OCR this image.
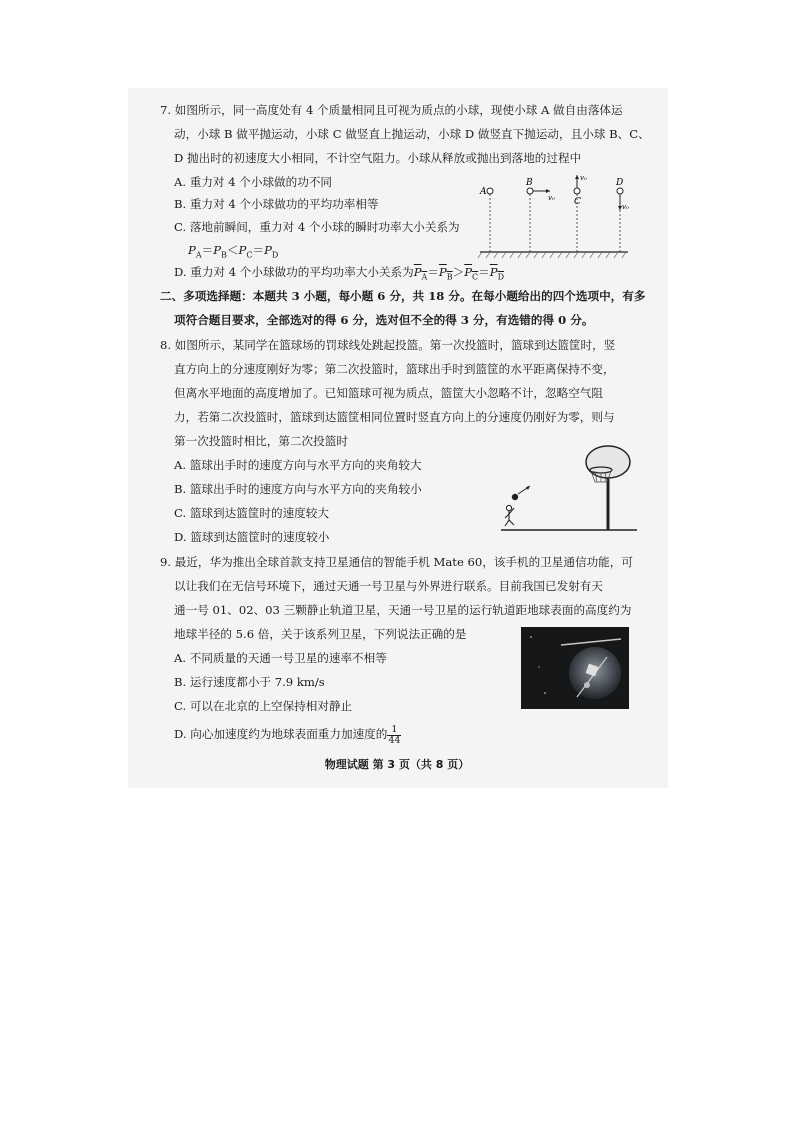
7. 如图所示，同一高度处有 4 个质量相同且可视为质点的小球，现使小球 A 做自由落体运
动，小球 B 做平抛运动，小球 C 做竖直上抛运动，小球 D 做竖直下抛运动，且小球 B、C、
D 抛出时的初速度大小相同，不计空气阻力。小球从释放或抛出到落地的过程中
A. 重力对 4 个小球做的功不同
B. 重力对 4 个小球做功的平均功率相等
C. 落地前瞬间，重力对 4 个小球的瞬时功率大小关系为
$P_A=P_B<P_C=P_D$
D. 重力对 4 个小球做功的平均功率大小关系为$P_A=P_B>P_C=P_D$
A
B
v₀
v₀
C
D
v₀
二、多项选择题：本题共 3 小题，每小题 6 分，共 18 分。在每小题给出的四个选项中，有多
项符合题目要求，全部选对的得 6 分，选对但不全的得 3 分，有选错的得 0 分。
8. 如图所示，某同学在篮球场的罚球线处跳起投篮。第一次投篮时，篮球到达篮筐时，竖
直方向上的分速度刚好为零；第二次投篮时，篮球出手时到篮筐的水平距离保持不变，
但离水平地面的高度增加了。已知篮球可视为质点，篮筐大小忽略不计，忽略空气阻
力，若第二次投篮时，篮球到达篮筐相同位置时竖直方向上的分速度仍刚好为零，则与
第一次投篮时相比，第二次投篮时
A. 篮球出手时的速度方向与水平方向的夹角较大
B. 篮球出手时的速度方向与水平方向的夹角较小
C. 篮球到达篮筐时的速度较大
D. 篮球到达篮筐时的速度较小
9. 最近，华为推出全球首款支持卫星通信的智能手机 Mate 60，该手机的卫星通信功能，可
以让我们在无信号环境下，通过天通一号卫星与外界进行联系。目前我国已发射有天
通一号 01、02、03 三颗静止轨道卫星，天通一号卫星的运行轨道距地球表面的高度约为
地球半径的 5.6 倍，关于该系列卫星，下列说法正确的是
A. 不同质量的天通一号卫星的速率不相等
B. 运行速度都小于 7.9 km/s
C. 可以在北京的上空保持相对静止
D. 向心加速度约为地球表面重力加速度的 $\frac{1}{44}$
物理试题 第 3 页（共 8 页）
